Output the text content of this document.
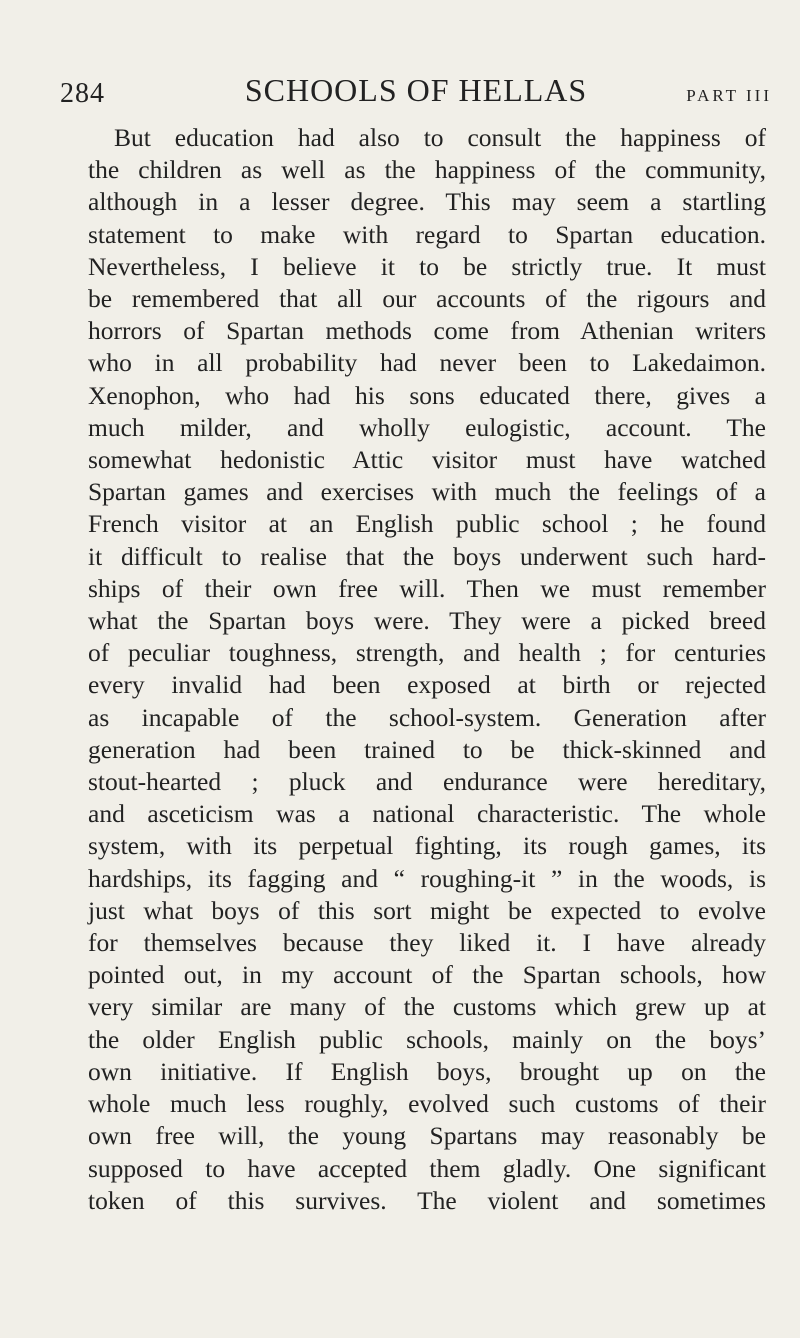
284	SCHOOLS OF HELLAS	PART III
But education had also to consult the happiness of
the children as well as the happiness of the community,
although in a lesser degree. This may seem a startling
statement to make with regard to Spartan education.
Nevertheless, I believe it to be strictly true. It must
be remembered that all our accounts of the rigours and
horrors of Spartan methods come from Athenian writers
who in all probability had never been to Lakedaimon.
Xenophon, who had his sons educated there, gives a
much milder, and wholly eulogistic, account. The
somewhat hedonistic Attic visitor must have watched
Spartan games and exercises with much the feelings of a
French visitor at an English public school ; he found
it difficult to realise that the boys underwent such hard-
ships of their own free will. Then we must remember
what the Spartan boys were. They were a picked breed
of peculiar toughness, strength, and health ; for centuries
every invalid had been exposed at birth or rejected
as incapable of the school-system. Generation after
generation had been trained to be thick-skinned and
stout-hearted ; pluck and endurance were hereditary,
and asceticism was a national characteristic. The whole
system, with its perpetual fighting, its rough games, its
hardships, its fagging and “ roughing-it ” in the woods, is
just what boys of this sort might be expected to evolve
for themselves because they liked it. I have already
pointed out, in my account of the Spartan schools, how
very similar are many of the customs which grew up at
the older English public schools, mainly on the boys’
own initiative. If English boys, brought up on the
whole much less roughly, evolved such customs of their
own free will, the young Spartans may reasonably be
supposed to have accepted them gladly. One significant
token of this survives. The violent and sometimes
